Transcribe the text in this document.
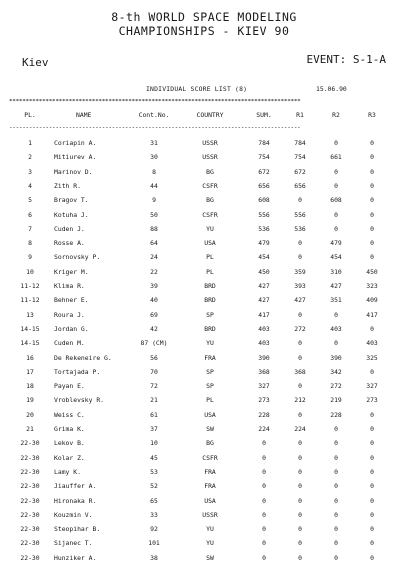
8-th WORLD SPACE MODELING
CHAMPIONSHIPS - KIEV 90
Kiev	EVENT: S-1-A
INDIVIDUAL SCORE LIST (8)	15.06.90
****************************************************************************************
PL.	NAME	Cont.No.	COUNTRY	SUM.	R1	R2	R3
----------------------------------------------------------------------------------------
1	Coriapin A.	31	USSR	784	784	0	0
2	Mitiurev A.	30	USSR	754	754	661	0
3	Marinov D.	8	BG	672	672	0	0
4	Zith R.	44	CSFR	656	656	0	0
5	Bragov T.	9	BG	608	0	608	0
6	Kotuha J.	50	CSFR	556	556	0	0
7	Cuden J.	88	YU	536	536	0	0
8	Rosse A.	64	USA	479	0	479	0
9	Sornovsky P.	24	PL	454	0	454	0
10	Kriger M.	22	PL	450	359	310	450
11-12	Klima R.	39	BRD	427	393	427	323
11-12	Behner E.	40	BRD	427	427	351	409
13	Roura J.	69	SP	417	0	0	417
14-15	Jordan G.	42	BRD	403	272	403	0
14-15	Cuden M.	87 (CM)	YU	403	0	0	403
16	De Rekeneire G.	56	FRA	390	0	390	325
17	Tortajada P.	70	SP	368	368	342	0
18	Payan E.	72	SP	327	0	272	327
19	Vroblevsky R.	21	PL	273	212	219	273
20	Weiss C.	61	USA	228	0	228	0
21	Grima K.	37	SW	224	224	0	0
22-30	Lekov B.	10	BG	0	0	0	0
22-30	Kolar Z.	45	CSFR	0	0	0	0
22-30	Lamy K.	53	FRA	0	0	0	0
22-30	Jiauffer A.	52	FRA	0	0	0	0
22-30	Hironaka R.	65	USA	0	0	0	0
22-30	Kouzmin V.	33	USSR	0	0	0	0
22-30	Steopihar B.	92	YU	0	0	0	0
22-30	Sijanec T.	101	YU	0	0	0	0
22-30	Hunziker A.	38	SW	0	0	0	0
